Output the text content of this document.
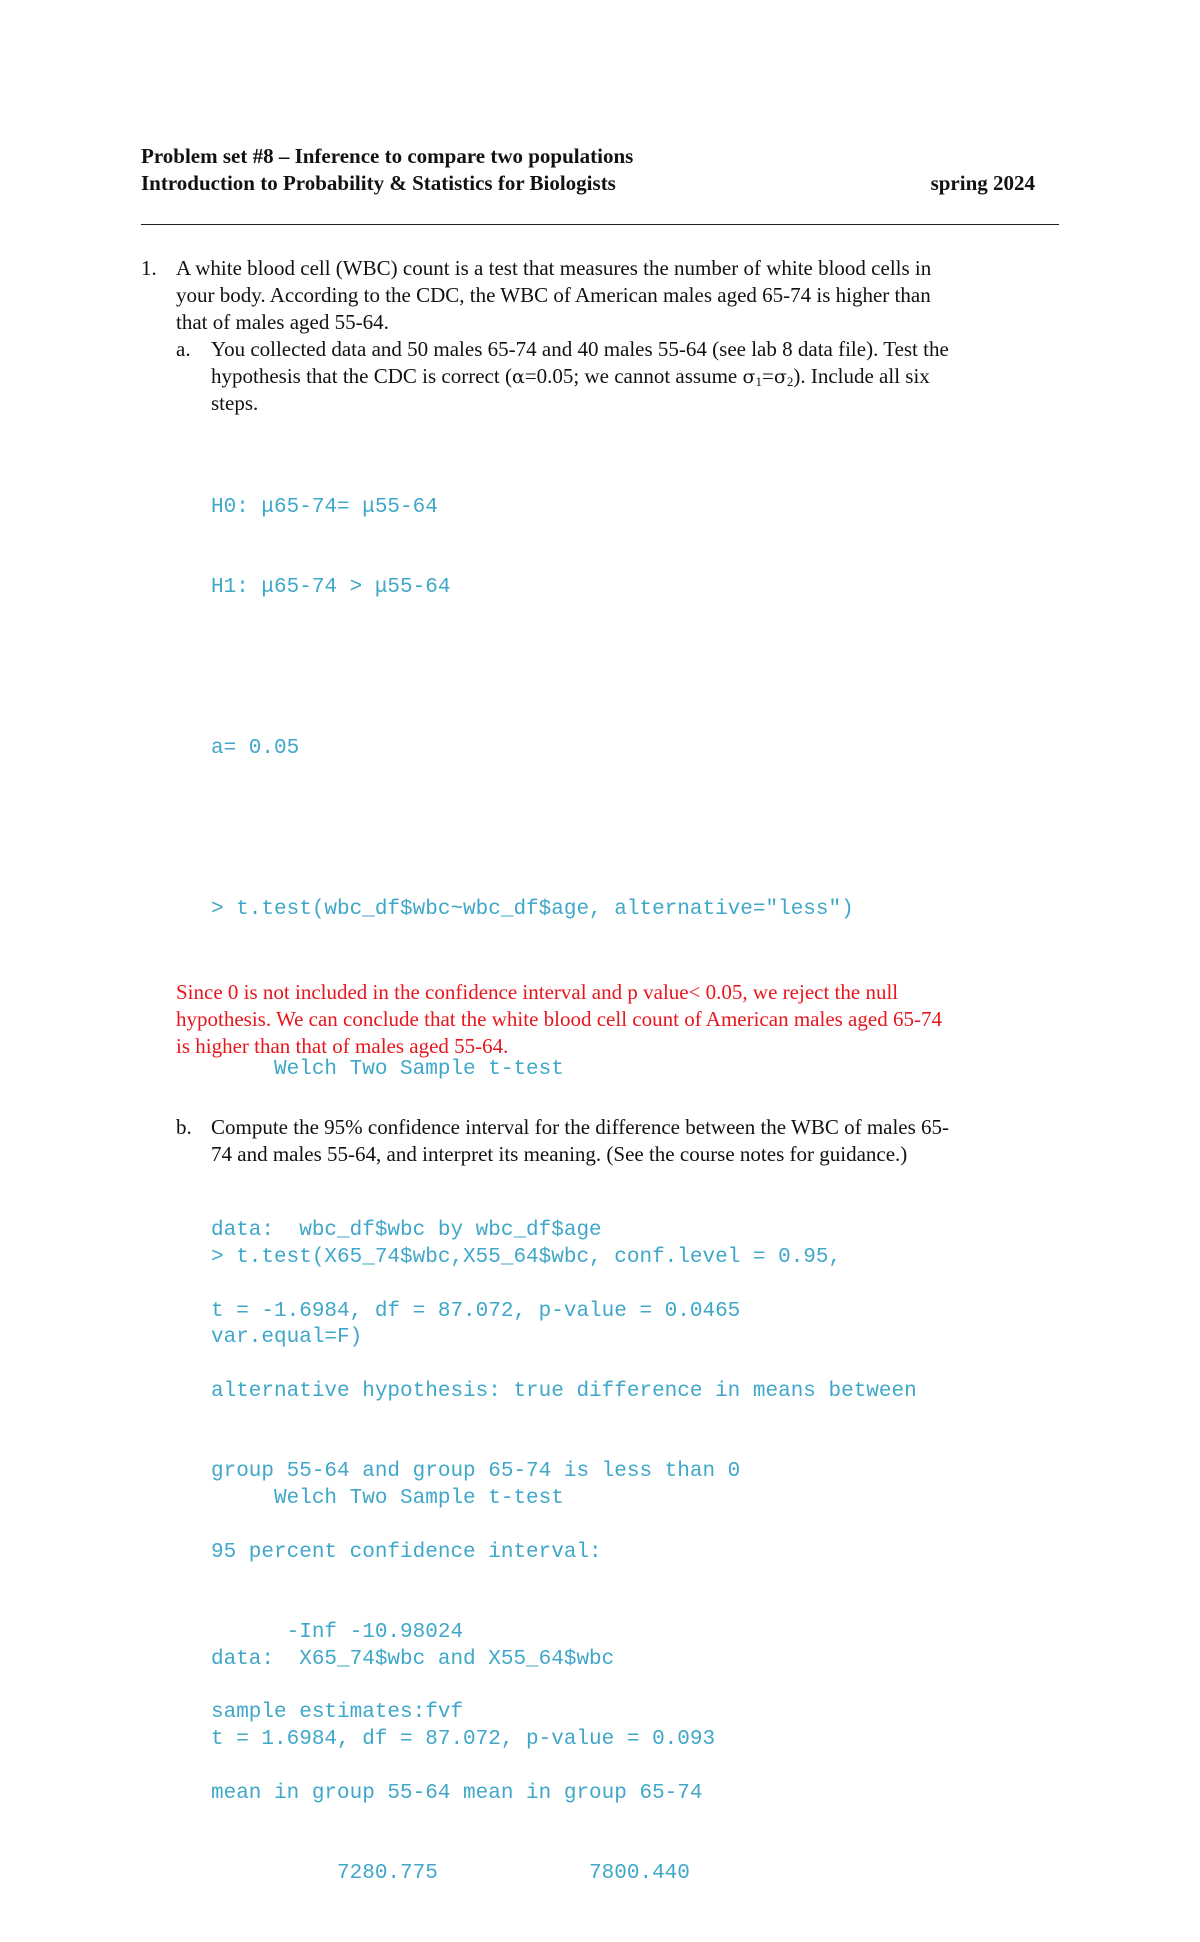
Problem set #8 – Inference to compare two populations
Introduction to Probability & Statistics for Biologists	spring 2024
1. A white blood cell (WBC) count is a test that measures the number of white blood cells in
your body. According to the CDC, the WBC of American males aged 65-74 is higher than
that of males aged 55-64.
a. You collected data and 50 males 65-74 and 40 males 55-64 (see lab 8 data file). Test the
hypothesis that the CDC is correct (α=0.05; we cannot assume $\sigma_1=\sigma_2$). Include all six
steps.

H0: μ65-74= μ55-64

H1: μ65-74 > μ55-64

a= 0.05

> t.test(wbc_df$wbc~wbc_df$age, alternative="less")

Welch Two Sample t-test

data:  wbc_df$wbc by wbc_df$age

t = -1.6984, df = 87.072, p-value = 0.0465

alternative hypothesis: true difference in means between

group 55-64 and group 65-74 is less than 0

95 percent confidence interval:

-Inf -10.98024

sample estimates:fvf

mean in group 55-64 mean in group 65-74

7280.775            7800.440

Since 0 is not included in the confidence interval and p value< 0.05, we reject the null
hypothesis. We can conclude that the white blood cell count of American males aged 65-74
is higher than that of males aged 55-64.
b. Compute the 95% confidence interval for the difference between the WBC of males 65-
74 and males 55-64, and interpret its meaning. (See the course notes for guidance.)

> t.test(X65_74$wbc,X55_64$wbc, conf.level = 0.95,

var.equal=F)

Welch Two Sample t-test

data:  X65_74$wbc and X55_64$wbc

t = 1.6984, df = 87.072, p-value = 0.093
